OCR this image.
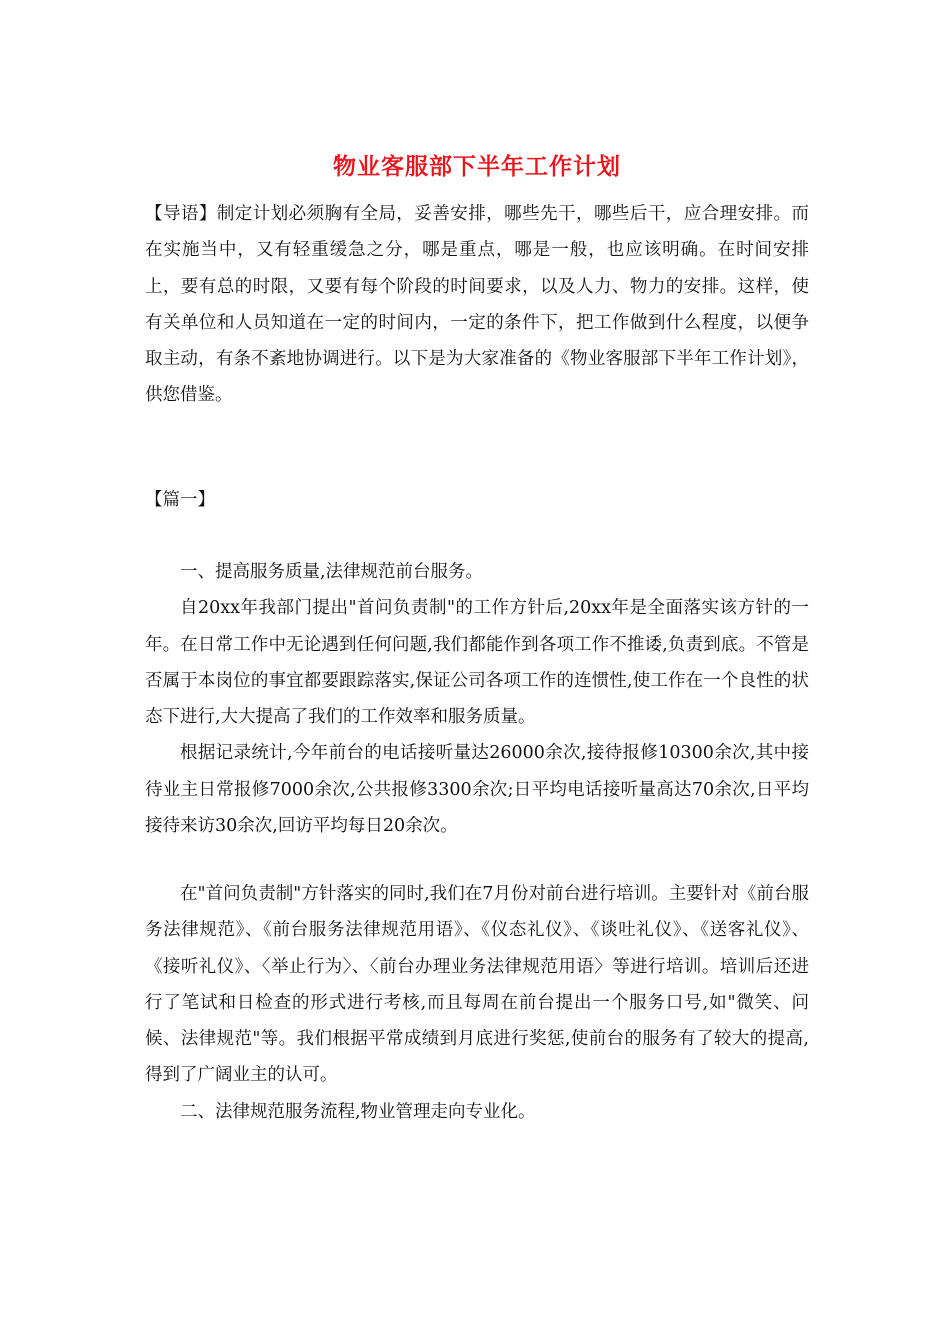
物业客服部下半年工作计划
【导语】制定计划必须胸有全局，妥善安排，哪些先干，哪些后干，应合理安排。而在实施当中，又有轻重缓急之分，哪是重点，哪是一般，也应该明确。在时间安排上，要有总的时限，又要有每个阶段的时间要求，以及人力、物力的安排。这样，使有关单位和人员知道在一定的时间内，一定的条件下，把工作做到什么程度，以便争取主动，有条不紊地协调进行。以下是为大家准备的《物业客服部下半年工作计划》，供您借鉴。
【篇一】

一、提高服务质量,法律规范前台服务。

自20xx年我部门提出"首问负责制"的工作方针后,20xx年是全面落实该方针的一年。在日常工作中无论遇到任何问题,我们都能作到各项工作不推诿,负责到底。不管是否属于本岗位的事宜都要跟踪落实,保证公司各项工作的连惯性,使工作在一个良性的状态下进行,大大提高了我们的工作效率和服务质量。

根据记录统计,今年前台的电话接听量达26000余次,接待报修10300余次,其中接待业主日常报修7000余次,公共报修3300余次;日平均电话接听量高达70余次,日平均接待来访30余次,回访平均每日20余次。

在"首问负责制"方针落实的同时,我们在7月份对前台进行培训。主要针对《前台服务法律规范》、《前台服务法律规范用语》、《仪态礼仪》、《谈吐礼仪》、《送客礼仪》、《接听礼仪》、〈举止行为〉、〈前台办理业务法律规范用语〉等进行培训。培训后还进行了笔试和日检查的形式进行考核,而且每周在前台提出一个服务口号,如"微笑、问候、法律规范"等。我们根据平常成绩到月底进行奖惩,使前台的服务有了较大的提高,得到了广阔业主的认可。

二、法律规范服务流程,物业管理走向专业化。
